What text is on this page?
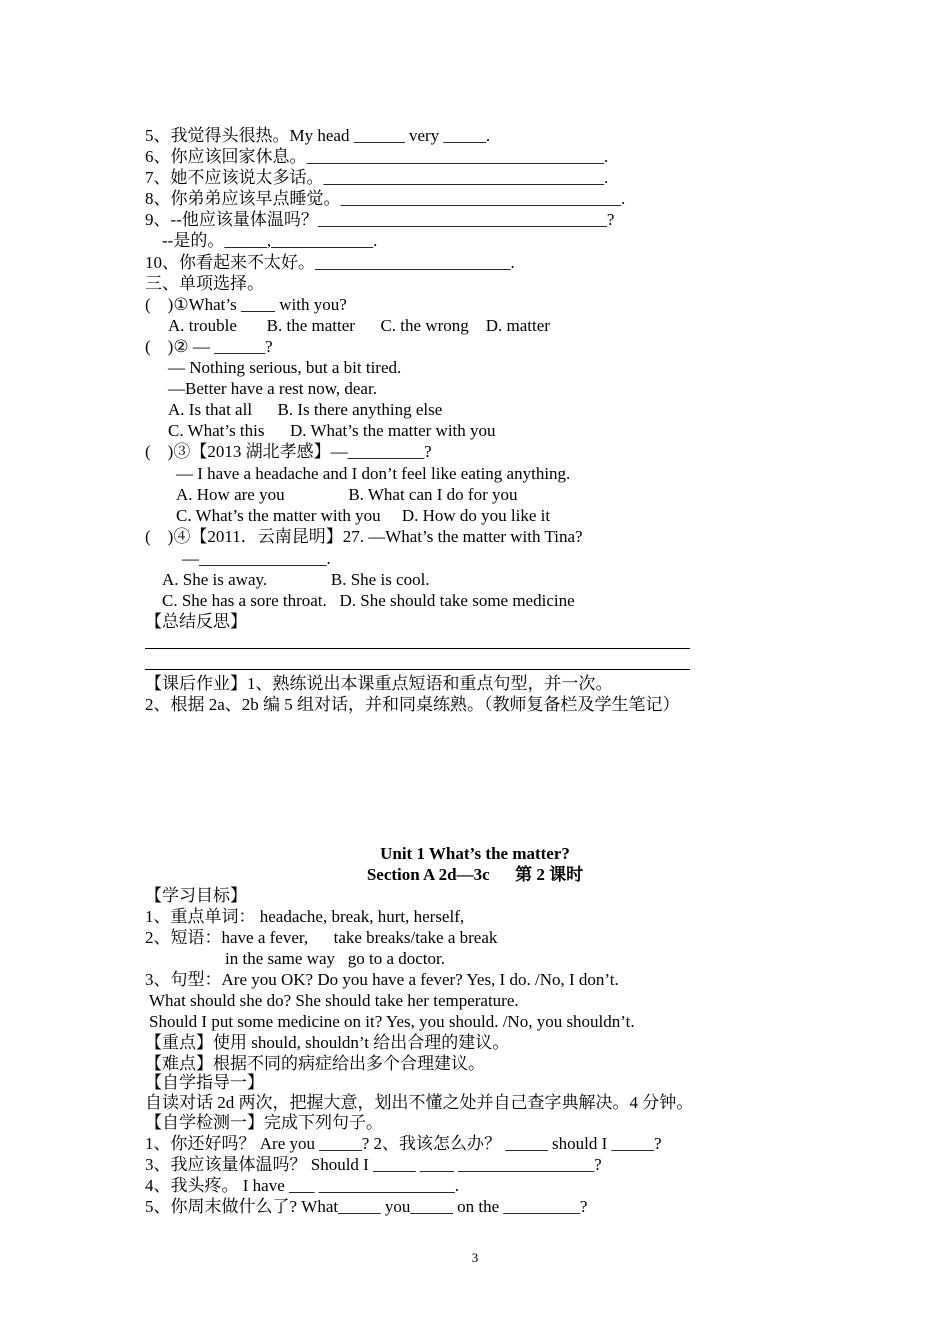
5、我觉得头很热。My head ______ very _____.
6、你应该回家休息。___________________________________.
7、她不应该说太多话。_________________________________.
8、你弟弟应该早点睡觉。_________________________________.
9、--他应该量体温吗？__________________________________?
--是的。_____,____________.
10、你看起来不太好。_______________________.
三、单项选择。
(    )①What’s ____ with you?
A. trouble       B. the matter      C. the wrong    D. matter
(    )② — ______?
— Nothing serious, but a bit tired.
—Better have a rest now, dear.
A. Is that all      B. Is there anything else
C. What’s this      D. What’s the matter with you
(    )③【2013 湖北孝感】—_________?
— I have a headache and I don’t feel like eating anything.
A. How are you               B. What can I do for you
C. What’s the matter with you     D. How do you like it
(    )④【2011．云南昆明】27. —What’s the matter with Tina?
—_______________.
A. She is away.               B. She is cool.
C. She has a sore throat.   D. She should take some medicine
【总结反思】
【课后作业】1、熟练说出本课重点短语和重点句型，并一次。
2、根据 2a、2b 编 5 组对话，并和同桌练熟。（教师复备栏及学生笔记）
Unit 1 What’s the matter?
Section A 2d—3c      第 2 课时
【学习目标】
1、重点单词： headache, break, hurt, herself,
2、短语：have a fever,      take breaks/take a break
in the same way   go to a doctor.
3、句型：Are you OK? Do you have a fever? Yes, I do. /No, I don’t.
What should she do? She should take her temperature.
Should I put some medicine on it? Yes, you should. /No, you shouldn’t.
【重点】使用 should, shouldn’t 给出合理的建议。
【难点】根据不同的病症给出多个合理建议。
【自学指导一】
自读对话 2d 两次，把握大意，划出不懂之处并自己查字典解决。4 分钟。
【自学检测一】完成下列句子。
1、你还好吗？ Are you _____? 2、我该怎么办？ _____ should I _____?
3、我应该量体温吗？ Should I _____ ____ ________________?
4、我头疼。 I have ___ ________________.
5、你周末做什么了? What_____ you_____ on the _________?
3
